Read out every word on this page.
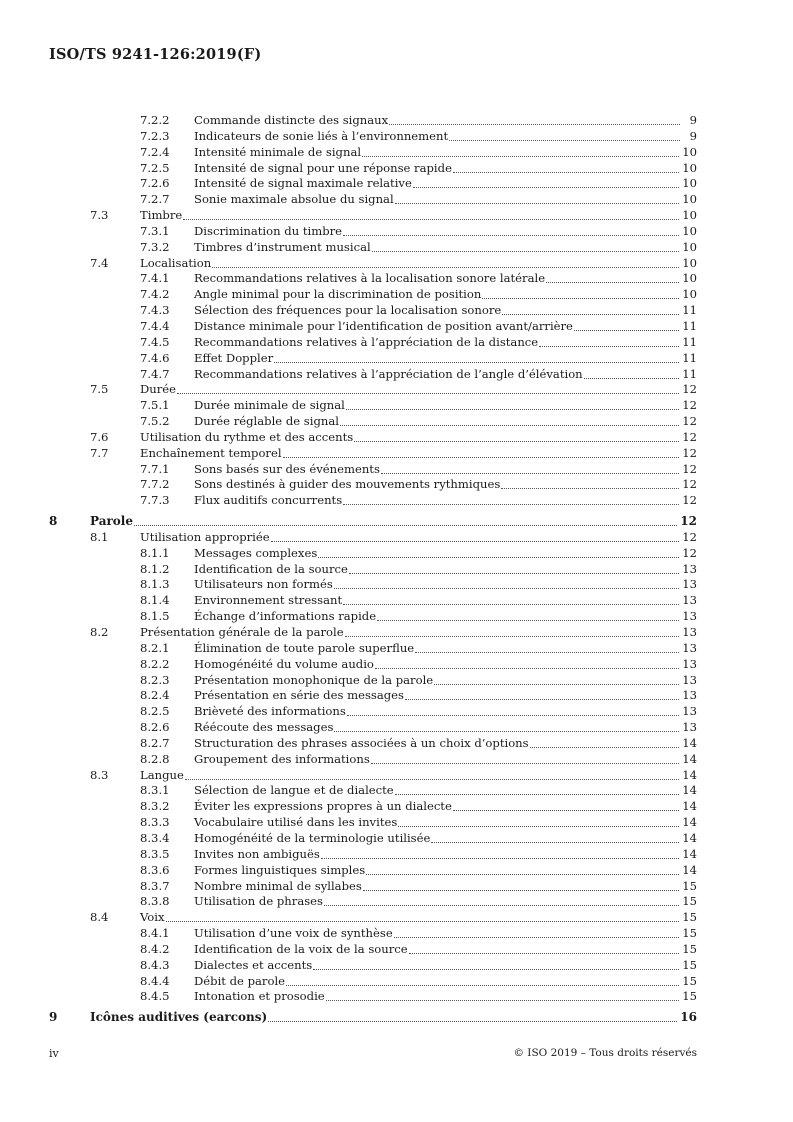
ISO/TS 9241-126:2019(F)
7.2.2 Commande distincte des signaux	9
7.2.3 Indicateurs de sonie liés à l’environnement	9
7.2.4 Intensité minimale de signal	10
7.2.5 Intensité de signal pour une réponse rapide	10
7.2.6 Intensité de signal maximale relative	10
7.2.7 Sonie maximale absolue du signal	10
7.3	Timbre	10
7.3.1 Discrimination du timbre	10
7.3.2 Timbres d’instrument musical	10
7.4	Localisation	10
7.4.1 Recommandations relatives à la localisation sonore latérale	10
7.4.2 Angle minimal pour la discrimination de position	10
7.4.3 Sélection des fréquences pour la localisation sonore	11
7.4.4 Distance minimale pour l’identification de position avant/arrière	11
7.4.5 Recommandations relatives à l’appréciation de la distance	11
7.4.6 Effet Doppler	11
7.4.7 Recommandations relatives à l’appréciation de l’angle d’élévation	11
7.5	Durée	12
7.5.1 Durée minimale de signal	12
7.5.2 Durée réglable de signal	12
7.6	Utilisation du rythme et des accents	12
7.7	Enchaînement temporel	12
7.7.1 Sons basés sur des événements	12
7.7.2 Sons destinés à guider des mouvements rythmiques	12
7.7.3 Flux auditifs concurrents	12
8	Parole	12
8.1	Utilisation appropriée	12
8.1.1 Messages complexes	12
8.1.2 Identification de la source	13
8.1.3 Utilisateurs non formés	13
8.1.4 Environnement stressant	13
8.1.5 Échange d’informations rapide	13
8.2	Présentation générale de la parole	13
8.2.1 Élimination de toute parole superflue	13
8.2.2 Homogénéité du volume audio	13
8.2.3 Présentation monophonique de la parole	13
8.2.4 Présentation en série des messages	13
8.2.5 Brièveté des informations	13
8.2.6 Réécoute des messages	13
8.2.7 Structuration des phrases associées à un choix d’options	14
8.2.8 Groupement des informations	14
8.3	Langue	14
8.3.1 Sélection de langue et de dialecte	14
8.3.2 Éviter les expressions propres à un dialecte	14
8.3.3 Vocabulaire utilisé dans les invites	14
8.3.4 Homogénéité de la terminologie utilisée	14
8.3.5 Invites non ambiguës	14
8.3.6 Formes linguistiques simples	14
8.3.7 Nombre minimal de syllabes	15
8.3.8 Utilisation de phrases	15
8.4	Voix	15
8.4.1 Utilisation d’une voix de synthèse	15
8.4.2 Identification de la voix de la source	15
8.4.3 Dialectes et accents	15
8.4.4 Débit de parole	15
8.4.5 Intonation et prosodie	15
9	Icônes auditives (earcons)	16
iv	© ISO 2019 – Tous droits réservés
